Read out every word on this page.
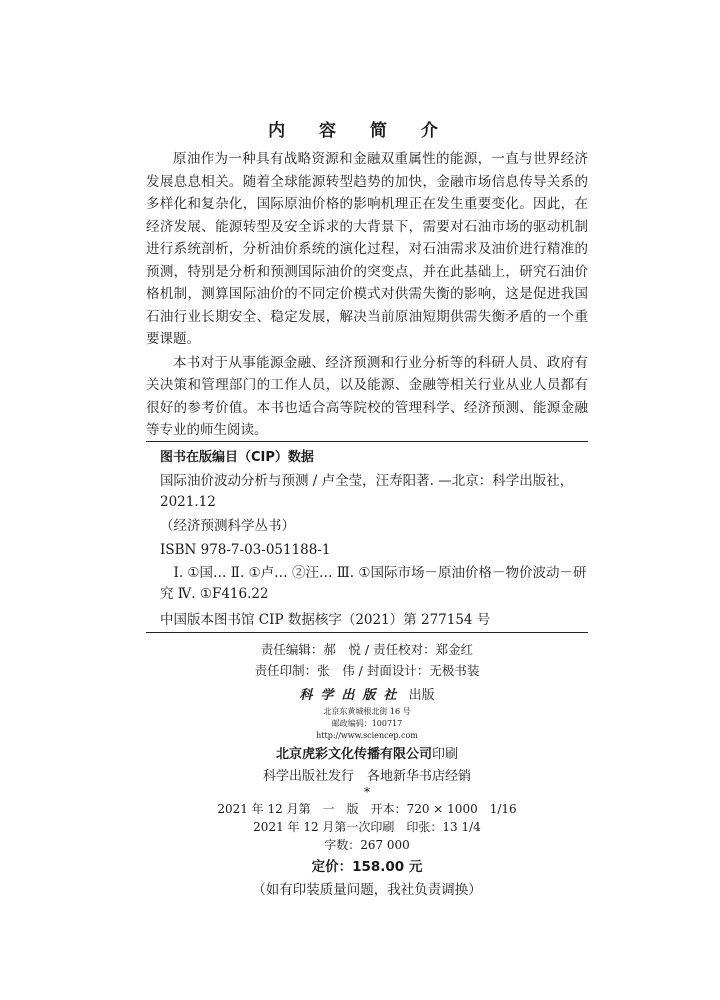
内 容 简 介

原油作为一种具有战略资源和金融双重属性的能源，一直与世界经济发展息息相关。随着全球能源转型趋势的加快，金融市场信息传导关系的多样化和复杂化，国际原油价格的影响机理正在发生重要变化。因此，在经济发展、能源转型及安全诉求的大背景下，需要对石油市场的驱动机制进行系统剖析，分析油价系统的演化过程，对石油需求及油价进行精准的预测，特别是分析和预测国际油价的突变点，并在此基础上，研究石油价格机制，测算国际油价的不同定价模式对供需失衡的影响，这是促进我国石油行业长期安全、稳定发展，解决当前原油短期供需失衡矛盾的一个重要课题。

本书对于从事能源金融、经济预测和行业分析等的科研人员、政府有关决策和管理部门的工作人员，以及能源、金融等相关行业从业人员都有很好的参考价值。本书也适合高等院校的管理科学、经济预测、能源金融等专业的师生阅读。

图书在版编目（CIP）数据
国际油价波动分析与预测 / 卢全莹，汪寿阳著. —北京：科学出版社，2021.12
（经济预测科学丛书）
ISBN 978-7-03-051188-1
Ⅰ. ①国… Ⅱ. ①卢… ②汪… Ⅲ. ①国际市场－原油价格－物价波动－研究 Ⅳ. ①F416.22
中国版本图书馆 CIP 数据核字（2021）第 277154 号
责任编辑：郝　悦 / 责任校对：郑金红
责任印制：张　伟 / 封面设计：无极书装
科学出版社 出版
北京东黄城根北街 16 号
邮政编码：100717
http://www.sciencep.com
北京虎彩文化传播有限公司印刷
科学出版社发行　各地新华书店经销
*
2021 年 12 月第　一　版　开本：720 × 1000　1/16
2021 年 12 月第一次印刷　印张：13 1/4
字数：267 000
定价：158.00 元
（如有印装质量问题，我社负责调换）
